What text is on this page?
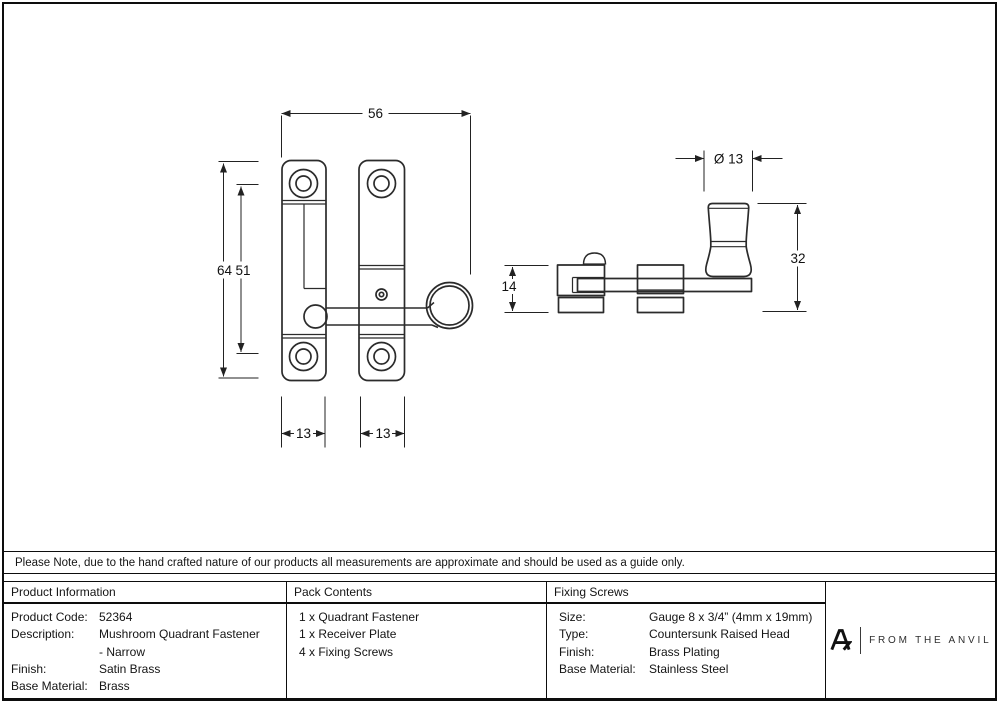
56
64 51
13	13
Ø 13
32
14
Please Note, due to the hand crafted nature of our products all measurements are approximate and should be used as a guide only.
Product Information
Product Code: 52364
Description:	Mushroom Quadrant Fastener
- Narrow
Finish:	Satin Brass
Base Material: Brass
Pack Contents
1 x Quadrant Fastener
1 x Receiver Plate
4 x Fixing Screws
Fixing Screws
Size:	Gauge 8 x 3/4” (4mm x 19mm)
Type:	Countersunk Raised Head
Finish:	Brass Plating
Base Material:	Stainless Steel
FROM THE ANVIL
